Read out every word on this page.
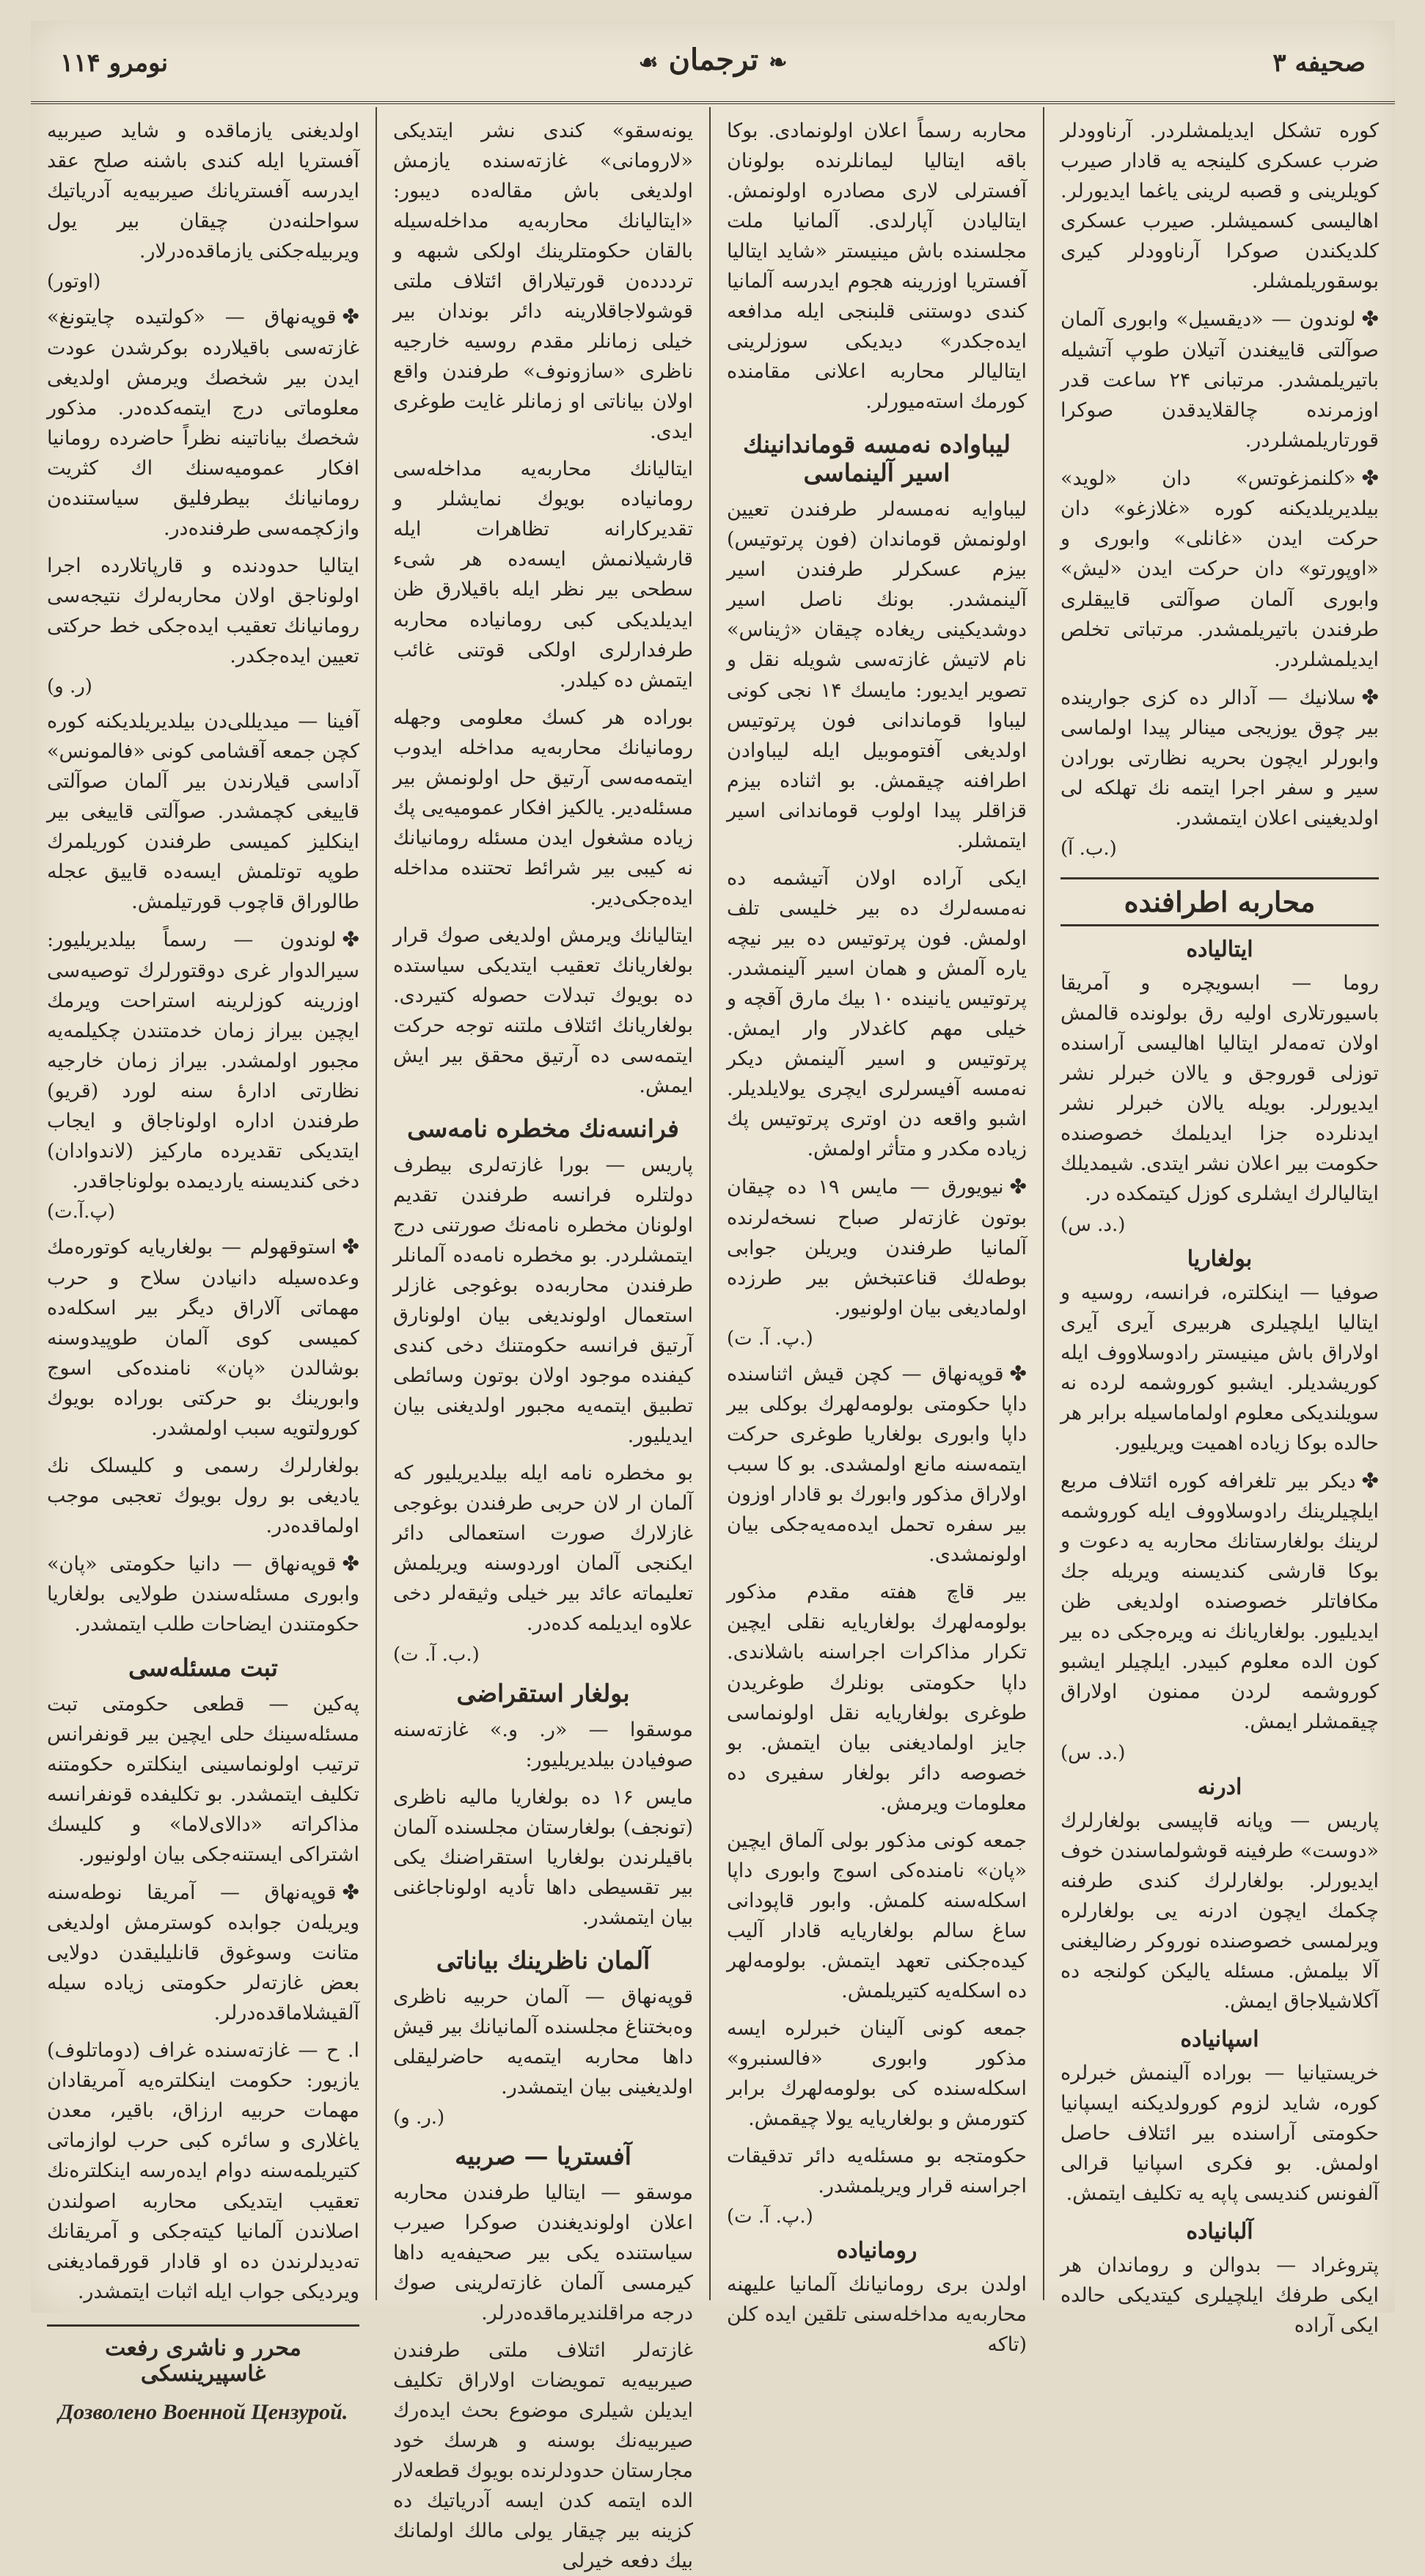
صحیفه ۳
❧ترجمان☙
نومرو ۱۱۴

کوره تشکل ایدیلمشلردر. آرناوودلر ضرب عسکری کلینجه یه قادار صیرب کویلرینی و قصبه لرینی یاغما ایدیورلر. اهالیسی کسمیشلر. صیرب عسکری کلدیکندن صوکرا آرناوودلر کیری بوسقوریلمشلر.

✤لوندون — «دیقسیل» وابوری آلمان صوآلتی قاییغندن آتیلان طوپ آتشیله باتیریلمشدر. مرتبانی ۲۴ ساعت قدر اوزمرنده چالقلایدقدن صوکرا قورتاریلمشلردر.

✤«کلنمزغوتس» دان «لوید» بیلدیریلدیکنه کوره «غلازغو» دان حرکت ایدن «غانلی» وابوری و «اوپورتو» دان حرکت ایدن «لیش» وابوری آلمان صوآلتی قاییقلری طرفندن باتیریلمشدر. مرتباتی تخلص ایدیلمشلردر.

✤سلانیك — آدالر ده کزی جوارینده بیر چوق یوزیجی مینالر پیدا اولماسی وابورلر ایچون بحریه نظارتی بورادن سیر و سفر اجرا ایتمه نك تهلکه لی اولدیغینی اعلان ایتمشدر.

(ب. آ.)
محاربه اطرافنده
ایتالیاده

روما — ابسویچره و آمریقا باسیورتلاری اولیه رق بولونده قالمش اولان ته‌مه‌لر ایتالیا اهالیسی آراسنده توزلی قوروجق و یالان خبرلر نشر ایدیورلر. بویله یالان خبرلر نشر ایدنلرده جزا ایدیلمك خصوصنده حکومت بیر اعلان نشر ایتدی. شیمدیلك ایتالیالرك ایشلری کوزل کیتمکده در.

(د. س.)
بولغاریا

صوفیا — اینکلتره، فرانسه، روسیه و ایتالیا ایلچیلری هربیری آیری آیری اولاراق باش مینیستر رادوسلاووف ایله کوریشدیلر. ایشبو کوروشمه لرده نه سویلندیکی معلوم اولماماسیله برابر هر حالده بوکا زیاده اهمیت ویریلیور.

✤دیکر بیر تلغرافه کوره ائتلاف مربع ایلچیلرینك رادوسلاووف ایله کوروشمه لرینك بولغارستانك محاربه یه دعوت و بوکا قارشی کندیسنه ویریله جك مکافاتلر خصوصنده اولدیغی ظن ایدیلیور. بولغاریانك نه ویره‌جکی ده بیر کون الده معلوم کبیدر. ایلچیلر ایشبو کوروشمه لردن ممنون اولاراق چیقمشلر ایمش.

(د. س.)
ادرنه

پاریس — وپانه قاپیسی بولغارلرك «دوست» طرفینه قوشولماسندن خوف ایدیورلر. بولغارلرك کندی طرفنه چکمك ایچون ادرنه یی بولغارلره ویرلمسی خصوصنده نوروکر رضالیغنی آلا بیلمش. مسئله یالیکن کولنجه ده آکلاشیلاجاق ایمش.

اسپانیاده

خریستیانیا — بوراده آلینمش خبرلره کوره، شاید لزوم کورولدیکنه ایسپانیا حکومتی آراسنده بیر ائتلاف حاصل اولمش. بو فکری اسپانیا قرالی آلفونس کندیسی پاپه یه تکلیف ایتمش.

آلبانیاده

پتروغراد — بدوالن و روماندان هر ایکی طرفك ایلچیلری کیتدیکی حالده ایکی آراده

محاربه رسماً اعلان اولونمادی. بوکا باقه ایتالیا لیمانلرنده بولونان آفسترلی لارى مصادره اولونمش. ایتالیادن آپارلدی. آلمانیا ملت مجلسنده باش مینیستر «شاید ایتالیا آفستریا اوزرینه هجوم ایدرسه آلمانیا کندی دوستنی قلبنجی ایله مدافعه ایده‌جکدر» دیدیکی سوزلرینی ایتالیالر محاربه اعلانی مقامنده کورمك استه‌میورلر.

لیباواده نه‌مسه قوماندانینك اسیر آلینماسی

لیباوایه نه‌مسه‌لر طرفندن تعیین اولونمش قوماندان (فون پرتوتیس) بیزم عسکرلر طرفندن اسیر آلینمشدر. بونك ناصل اسیر دوشدیکینی ریغاده چیقان «ژیناس» نام لاتیش غازته‌سی شویله نقل و تصویر ایدیور: مایسك ۱۴ نجی کونی لیباوا قوماندانی فون پرتوتیس اولدیغی آفتوموبیل ایله لیباوادن اطرافنه چیقمش. بو اثناده بیزم قزاقلر پیدا اولوب قوماندانی اسیر ایتمشلر.

ایکی آراده اولان آتیشمه ده نه‌مسه‌لرك ده بیر خلیسی تلف اولمش. فون پرتوتیس ده بیر نیچه یاره آلمش و همان اسیر آلینمشدر. پرتوتیس یانینده ۱۰ بیك مارق آقچه و خیلی مهم کاغدلار وار ایمش. پرتوتیس و اسیر آلینمش دیکر نه‌مسه آفیسرلری ایچری یولایلدیلر. اشبو واقعه دن اوتری پرتوتیس پك زیاده مکدر و متأثر اولمش.

✤نیویورق — مایس ۱۹ ده چیقان بوتون غازته‌لر صباح نسخه‌لرنده آلمانیا طرفندن ویریلن جوابی بوطه‌لك قناعتبخش بیر طرزده اولمادیغی بیان اولونیور.

(پ. آ. ت.)

✤قوپه‌نهاق — کچن قیش اثناسنده داپا حکومتی بولومه‌لهرك بوکلی بیر داپا وابوری بولغاریا طوغری حرکت ایتمه‌سنه مانع اولمشدی. بو کا سبب اولاراق مذکور وابورك بو قادار اوزون بیر سفره تحمل ایده‌مه‌یه‌جکی بیان اولونمشدی.

بیر قاچ هفته مقدم مذکور بولومه‌لهرك بولغاریایه نقلی ایچین تکرار مذاکرات اجراسنه باشلاندی. داپا حکومتی بونلرك طوغریدن طوغری بولغاریایه نقل اولونماسی جایز اولمادیغنی بیان ایتمش. بو خصوصه دائر بولغار سفیری ده معلومات ویرمش.

جمعه کونی مذکور بولی آلماق ایچین «پان» نامنده‌کی اسوج وابوری داپا اسکله‌سنه کلمش. وابور قاپودانی ساغ سالم بولغاریایه قادار آلیب کیده‌جکنی تعهد ایتمش. بولومه‌لهر ده اسکله‌یه کتیریلمش.

جمعه کونی آلینان خبرلره ایسه مذکور وابوری «فالسنبرو» اسکله‌سنده کی بولومه‌لهرك برابر کتورمش و بولغاریایه یولا چیقمش.

حکومتجه بو مسئله‌یه دائر تدقیقات اجراسنه قرار ویریلمشدر.

(پ. آ. ت.)
رومانیاده

اولدن بری رومانیانك آلمانیا علیهنه محاربه‌یه مداخله‌سنی تلقین ایده کلن (تاکه

یونه‌سقو» کندی نشر ایتدیکی «لارومانی» غازته‌سنده یازمش اولدیغی باش مقاله‌ده دیبور: «ایتالیانك محاربه‌یه مداخله‌سیله بالقان حکومتلرینك اولکی شبهه و ترددده‌ن قورتیلاراق ائتلاف ملتی قوشولاجاقلارینه دائر بوندان بیر خیلی زمانلر مقدم روسیه خارجیه ناظری «سازونوف» طرفندن واقع اولان بیاناتی او زمانلر غایت طوغری ایدی.

ایتالیانك محاربه‌یه مداخله‌سی رومانیاده بویوك نمایشلر و تقدیرکارانه تظاهرات ایله قارشیلانمش ایسه‌ده هر شی‌ء سطحی بیر نظر ایله باقیلارق ظن ایدیلدیکی کبی رومانیاده محاربه طرفدارلری اولکی قوتنی غائب ایتمش ده کیلدر.

بوراده هر کسك معلومی وجهله رومانیانك محاربه‌یه مداخله ایدوب ایتمه‌مه‌سی آرتیق حل اولونمش بیر مسئله‌دیر. یالکیز افکار عمومیه‌یی پك زیاده مشغول ایدن مسئله رومانیانك نه کیبی بیر شرائط تحتنده مداخله ایده‌جکی‌دیر.

ایتالیانك ویرمش اولدیغی صوك قرار بولغاریانك تعقیب ایتدیکی سیاستده ده بویوك تبدلات حصوله کتیردی. بولغاریانك ائتلاف ملتنه توجه حرکت ایتمه‌سی ده آرتیق محقق بیر ایش ایمش.

فرانسه‌نك مخطره نامه‌سی

پاریس — بورا غازته‌لری بیطرف دولتلره فرانسه طرفندن تقدیم اولونان مخطره نامه‌نك صورتنی درج ایتمشلردر. بو مخطره نامه‌ده آلمانلر طرفندن محاربه‌ده بوغوجی غازلر استعمال اولوندیغی بیان اولونارق آرتیق فرانسه حکومتنك دخی کندی کیفنده موجود اولان بوتون وسائطی تطبیق ایتمه‌یه مجبور اولدیغنی بیان ایدیلیور.

بو مخطره نامه ایله بیلدیریلیور که آلمان ار لان حربی طرفندن بوغوجی غازلارك صورت استعمالی دائر ایکنجی آلمان اوردوسنه ویریلمش تعلیماته عائد بیر خیلی وثیقه‌لر دخی علاوه ایدیلمه کده‌در.

(ب. آ. ت.)
بولغار استقراضی

موسقوا — «ر. و.» غازته‌سنه صوفیادن بیلدیریلیور:

مایس ۱۶ ده بولغاریا مالیه ناظری (تونجف) بولغارستان مجلسنده آلمان باقیلرندن بولغاریا استقراضنك یکی بیر تقسیطی داها تأدیه اولوناجاغنی بیان ایتمشدر.

آلمان ناظرینك بیاناتی

قوپه‌نهاق — آلمان حربیه ناظری وه‌بختناغ مجلسنده آلمانیانك بیر قیش داها محاربه ایتمه‌یه حاضرلیقلی اولدیغینی بیان ایتمشدر.

(ر. و.)
آفستریا — صربیه

موسقو — ایتالیا طرفندن محاربه اعلان اولوندیغندن صوکرا صیرب سیاستنده یکی بیر صحیفه‌یه داها کیرمسی آلمان غازته‌لرینی صوك درجه مراقلندیرماقده‌درلر.

غازته‌لر ائتلاف ملتی طرفندن صیربیه‌یه تمویضات اولاراق تکلیف ایدیلن شیلری موضوع بحث ایده‌رك صیربیه‌نك بوسنه و هرسك خود مجارستان حدودلرنده بویوك قطعه‌لار الده ایتمه کدن ایسه آدریاتیك ده کزینه بیر چیقار یولی مالك اولمانك بیك دفعه خیرلی

اولدیغنی یازماقده و شاید صیربیه آفستریا ایله کندی باشنه صلح عقد ایدرسه آفستریانك صیربیه‌یه آدریاتیك سواحلنه‌دن چیقان بیر یول ویربیله‌جکنی یازماقده‌درلار.

(اوتور)

✤قوپه‌نهاق — «کولتیده چایتونغ» غازته‌سی باقیلارده بوکرشدن عودت ایدن بیر شخصك ویرمش اولدیغی معلوماتی درج ایتمه‌کده‌در. مذکور شخصك بیاناتینه نظراً حاضرده رومانیا افکار عمومیه‌سنك اك کثریت رومانیانك بیطرفلیق سیاستنده‌ن وازکچمه‌سی طرفنده‌در.

ایتالیا حدودنده و قارپاتلارده اجرا اولوناجق اولان محاربه‌لرك نتیجه‌سی رومانیانك تعقیب ایده‌جکی خط حرکتی تعیین ایده‌جکدر.

(ر. و)

آفینا — میدیللی‌دن بیلدیریلدیکنه کوره کچن جمعه آقشامی کونی «فالمونس» آداسی قیلارندن بیر آلمان صوآلتی قاییغی کچمشدر. صوآلتی قاییغی بیر اینکلیز کمیسی طرفندن کوریلمرك طوپه توتلمش ایسه‌ده قاییق عجله طالوراق قاچوب قورتیلمش.

✤لوندون — رسماً بیلدیریلیور: سیرالدوار غری دوقتورلرك توصیه‌سی اوزرینه کوزلرینه استراحت ویرمك ایچین بیراز زمان خدمتندن چکیلمه‌یه مجبور اولمشدر. بیراز زمان خارجیه نظارتی ادارهٔ‌ سنه لورد (قریو) طرفندن اداره اولوناجاق و ایجاب ایتدیکی تقدیرده ماركیز (لاندوادان) دخی کندیسنه یاردیمده بولوناجاقدر.

(پ.آ.ت)

✤استوقهولم — بولغاریایه کوتوره‌مك وعده‌سیله دانیادن سلاح و حرب مهماتی آلاراق دیگر بیر اسکله‌ده کمیسی کوی آلمان طوپیدوسنه بوشالدن «پان» نامنده‌کی اسوج وابورینك بو حرکتی بوراده بویوك کورولتویه سبب اولمشدر.

بولغارلرك رسمی و کلیسلک نك یادیغی بو رول بویوك تعجبی موجب اولماقده‌در.

✤قوپه‌نهاق — دانیا حکومتی «پان» وابوری مسئله‌سندن طولایی بولغاریا حکومتندن ایضاحات طلب ایتمشدر.

تبت مسئله‌سی

په‌کین — قطعی حکومتی تبت مسئله‌سینك حلی ایچین بیر قونفرانس ترتیب اولونماسینی اینکلتره حکومتنه تکلیف ایتمشدر. بو تکلیفده قونفرانسه مذاکراته «دالای‌لاما» و کلیسك اشتراکی ایستنه‌جکی بیان اولونیور.

✤قوپه‌نهاق — آمریقا نوطه‌سنه ویریله‌ن جوابده کوسترمش اولدیغی متانت وسوغوق قانلیلیقدن دولایی بعض غازته‌لر حکومتی زیاده سیله آلقیشلاماقده‌درلر.

ا. ح — غازته‌سنده غراف (دوماتلوف) یازیور: حکومت اینکلتره‌یه آمریقادان مهمات حربیه ارزاق، باقیر، معدن یاغلاری و سائره کبی حرب لوازماتی کتیریلمه‌سنه دوام ایده‌رسه اینکلتره‌نك تعقیب ایتدیکی محاربه اصولندن اصلاندن آلمانیا کیته‌جکی و آمریقانك ته‌دیدلرندن ده او قادار قورقمادیغنی ویردیکی جواب ایله اثبات ایتمشدر.

محرر و ناشری رفعت غاسپیرینسکی
Дозволено Военной Цензурой.
